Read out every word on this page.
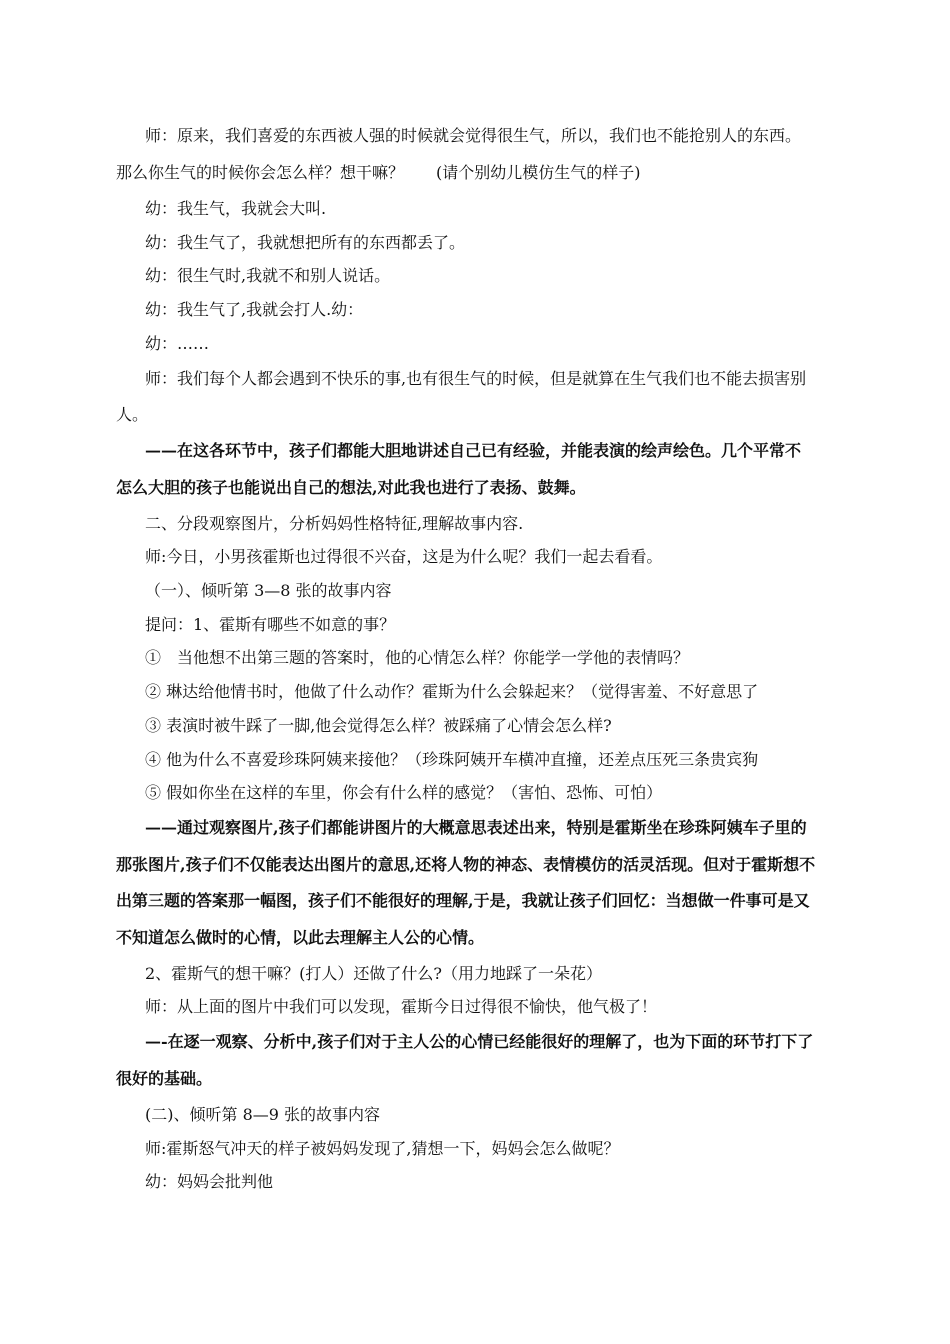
师：原来，我们喜爱的东西被人强的时候就会觉得很生气，所以，我们也不能抢别人的东西。
那么你生气的时候你会怎么样？想干嘛？　　(请个别幼儿模仿生气的样子)
幼：我生气，我就会大叫.
幼：我生气了，我就想把所有的东西都丢了。
幼：很生气时,我就不和别人说话。
幼：我生气了,我就会打人.幼：
幼：……
师：我们每个人都会遇到不快乐的事,也有很生气的时候，但是就算在生气我们也不能去损害别
人。
——在这各环节中，孩子们都能大胆地讲述自己已有经验，并能表演的绘声绘色。几个平常不
怎么大胆的孩子也能说出自己的想法,对此我也进行了表扬、鼓舞。
二、分段观察图片，分析妈妈性格特征,理解故事内容.
师:今日，小男孩霍斯也过得很不兴奋，这是为什么呢？我们一起去看看。
（一）、倾听第 3—8 张的故事内容
提问：1、霍斯有哪些不如意的事？
①　当他想不出第三题的答案时，他的心情怎么样？你能学一学他的表情吗？
② 琳达给他情书时，他做了什么动作？霍斯为什么会躲起来？（觉得害羞、不好意思了
③ 表演时被牛踩了一脚,他会觉得怎么样？被踩痛了心情会怎么样?
④ 他为什么不喜爱珍珠阿姨来接他？（珍珠阿姨开车横冲直撞，还差点压死三条贵宾狗
⑤ 假如你坐在这样的车里，你会有什么样的感觉？（害怕、恐怖、可怕）
——通过观察图片,孩子们都能讲图片的大概意思表述出来，特别是霍斯坐在珍珠阿姨车子里的
那张图片,孩子们不仅能表达出图片的意思,还将人物的神态、表情模仿的活灵活现。但对于霍斯想不
出第三题的答案那一幅图，孩子们不能很好的理解,于是，我就让孩子们回忆：当想做一件事可是又
不知道怎么做时的心情，以此去理解主人公的心情。
2、霍斯气的想干嘛？(打人）还做了什么?（用力地踩了一朵花）
师：从上面的图片中我们可以发现，霍斯今日过得很不愉快，他气极了！
—-在逐一观察、分析中,孩子们对于主人公的心情已经能很好的理解了，也为下面的环节打下了
很好的基础。
(二)、倾听第 8—9 张的故事内容
师:霍斯怒气冲天的样子被妈妈发现了,猜想一下，妈妈会怎么做呢？
幼：妈妈会批判他
